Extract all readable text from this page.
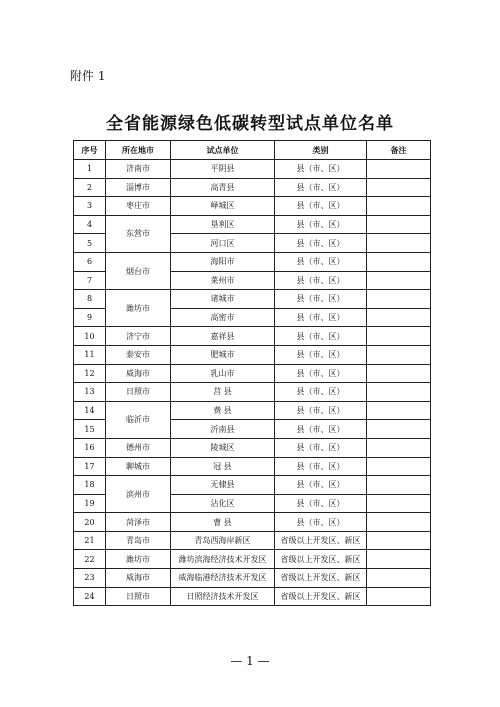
附件 1
全省能源绿色低碳转型试点单位名单
序号	所在地市	试点单位	类别	备注
1	济南市	平阴县	县（市、区）	
2	淄博市	高青县	县（市、区）	
3	枣庄市	峄城区	县（市、区）	
4	东营市	垦利区	县（市、区）	
5		河口区	县（市、区）	
6	烟台市	海阳市	县（市、区）	
7		莱州市	县（市、区）	
8	潍坊市	诸城市	县（市、区）	
9		高密市	县（市、区）	
10	济宁市	嘉祥县	县（市、区）	
11	泰安市	肥城市	县（市、区）	
12	威海市	乳山市	县（市、区）	
13	日照市	莒 县	县（市、区）	
14	临沂市	费 县	县（市、区）	
15		沂南县	县（市、区）	
16	德州市	陵城区	县（市、区）	
17	聊城市	冠 县	县（市、区）	
18	滨州市	无棣县	县（市、区）	
19		沾化区	县（市、区）	
20	菏泽市	曹 县	县（市、区）	
21	青岛市	青岛西海岸新区	省级以上开发区、新区	
22	潍坊市	潍坊滨海经济技术开发区	省级以上开发区、新区	
23	威海市	威海临港经济技术开发区	省级以上开发区、新区	
24	日照市	日照经济技术开发区	省级以上开发区、新区	
— 1 —
